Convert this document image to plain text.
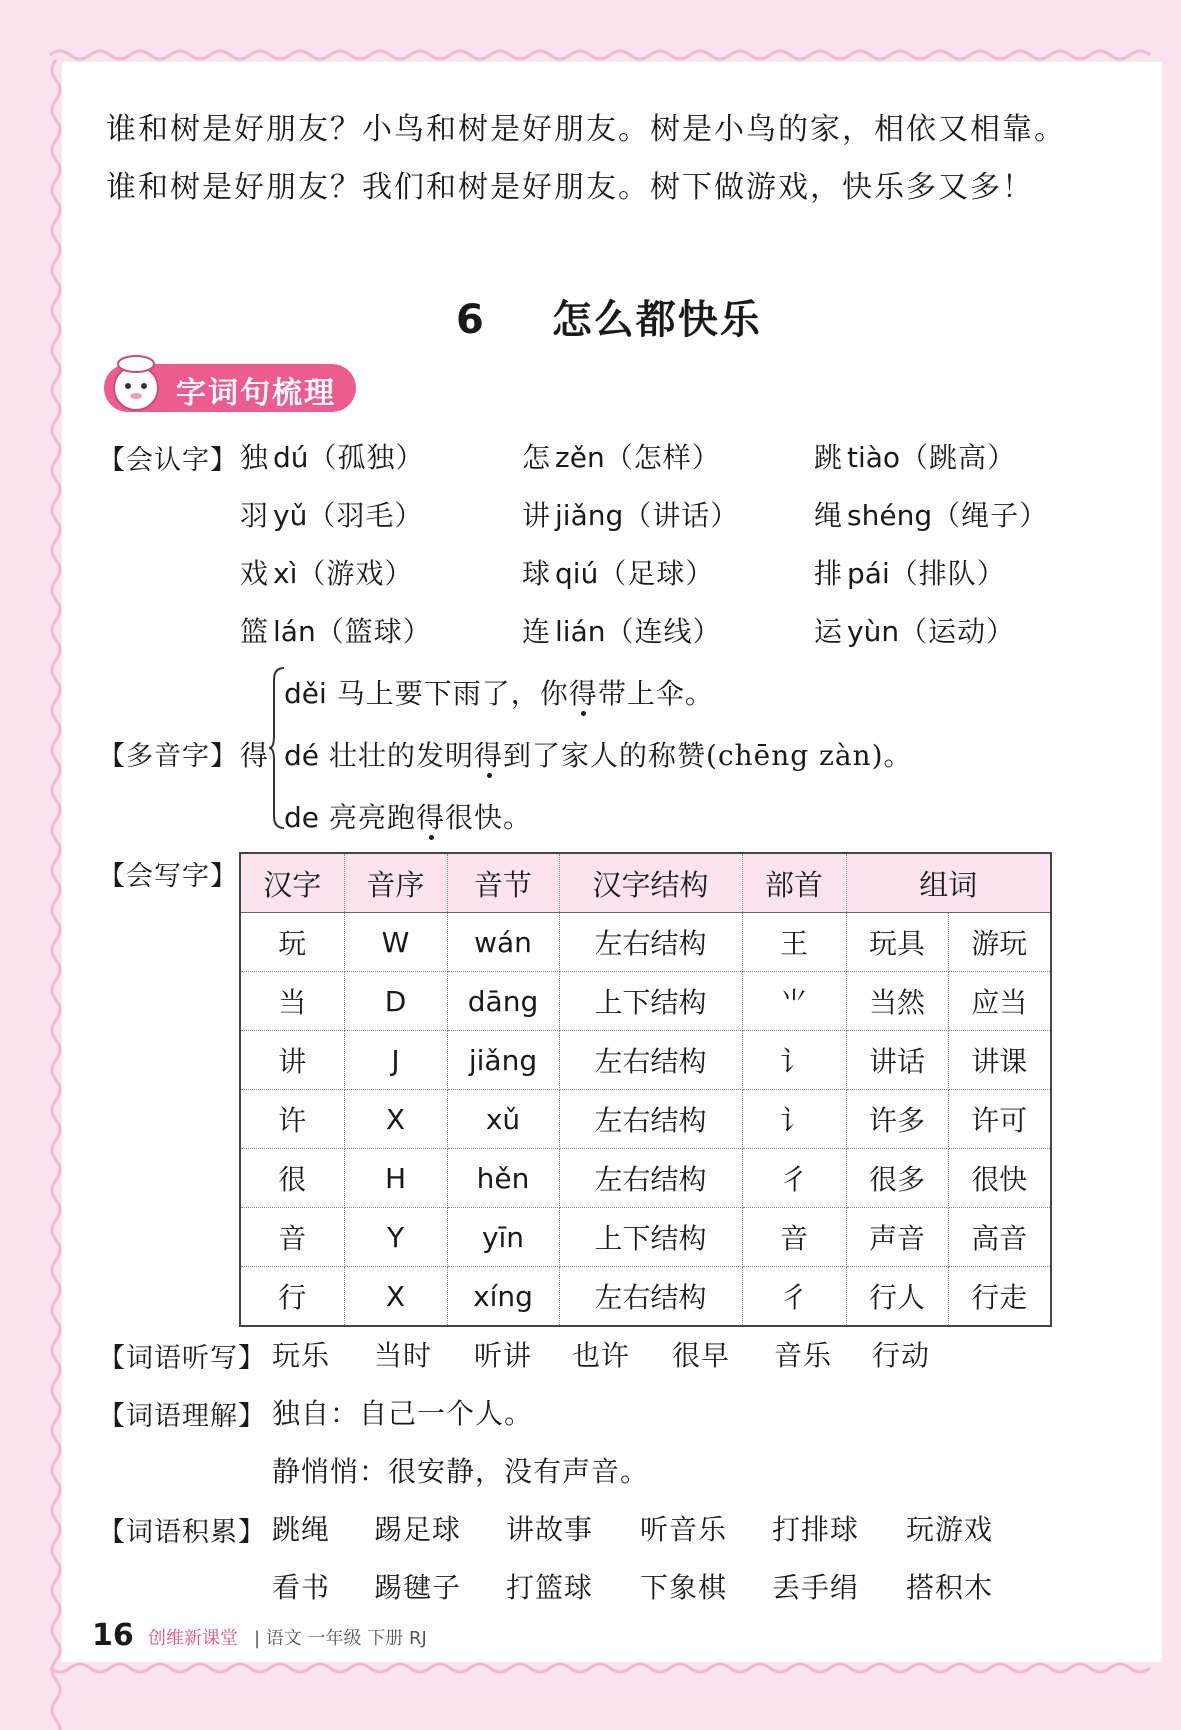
谁和树是好朋友？小鸟和树是好朋友。树是小鸟的家，相依又相靠。
谁和树是好朋友？我们和树是好朋友。树下做游戏，快乐多又多！
6 怎么都快乐
字词句梳理
【会认字】 独 dú（孤独）	怎 zěn（怎样）	跳 tiào（跳高）
羽 yǔ（羽毛）	讲 jiǎng（讲话）	绳 shéng（绳子）
戏 xì（游戏）	球 qiú（足球）	排 pái（排队）
篮 lán（篮球）	连 lián（连线）	运 yùn（运动）
【多音字】 得
děi 马上要下雨了，你得带上伞。
dé 壮壮的发明得到了家人的称赞(chēng zàn)。
de 亮亮跑得很快。
【会写字】 汉字	音序	音节	汉字结构	部首	组词	
玩	W	wán	左右结构	王	玩具	游玩
当	D	dāng	上下结构	⺌	当然	应当
讲	J	jiǎng	左右结构	讠	讲话	讲课
许	X	xǔ	左右结构	讠	许多	许可
很	H	hěn	左右结构	彳	很多	很快
音	Y	yīn	上下结构	音	声音	高音
行	X	xíng	左右结构	彳	行人	行走
【词语听写】 玩乐 当时 听讲 也许 很早 音乐 行动
【词语理解】 独自：自己一个人。
静悄悄：很安静，没有声音。
【词语积累】 跳绳 踢足球 讲故事 听音乐 打排球 玩游戏
看书 踢毽子 打篮球 下象棋 丢手绢 搭积木
16 创维新课堂 | 语文 一年级 下册 RJ
